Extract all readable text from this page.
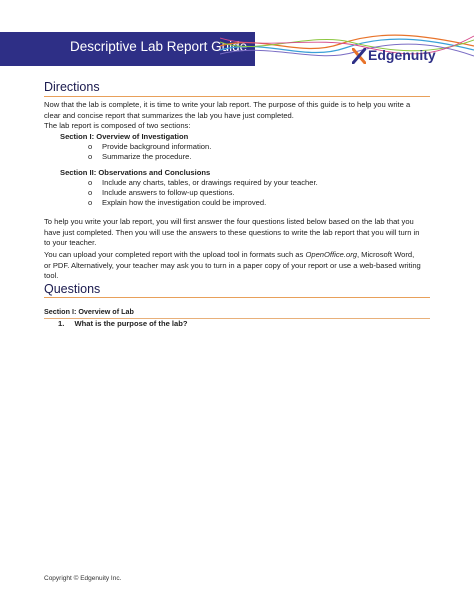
Descriptive Lab Report Guide
Edgenuity
Directions
Now that the lab is complete, it is time to write your lab report. The purpose of this guide is to help you write a
clear and concise report that summarizes the lab you have just completed.
The lab report is composed of two sections:
Section I: Overview of Investigation
o Provide background information.
o Summarize the procedure.
Section II: Observations and Conclusions
o Include any charts, tables, or drawings required by your teacher.
o Include answers to follow-up questions.
o Explain how the investigation could be improved.
To help you write your lab report, you will first answer the four questions listed below based on the lab that you
have just completed. Then you will use the answers to these questions to write the lab report that you will turn in
to your teacher.
You can upload your completed report with the upload tool in formats such as OpenOffice.org, Microsoft Word,
or PDF. Alternatively, your teacher may ask you to turn in a paper copy of your report or use a web-based writing
tool.
Questions
Section I: Overview of Lab
1. What is the purpose of the lab?
Copyright © Edgenuity Inc.
